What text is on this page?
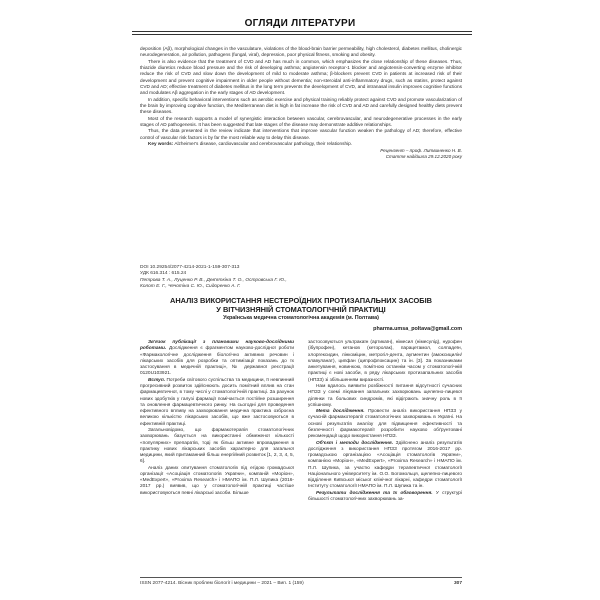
ОГЛЯДИ ЛІТЕРАТУРИ

deposition (Aβ), morphological changes in the vasculature, violations of the blood-brain barrier permeability, high cholesterol, diabetes mellitus, cholinergic neurodegeneration, air pollution, pathogens (fungal, viral), depression, poor physical fitness, smoking and obesity.

There is also evidence that the treatment of CVD and AD has much in common, which emphasizes the close relationship of these diseases. Thus, thiazide diuretics reduce blood pressure and the risk of developing asthma; angiotensin receptor-1 blocker and angiotensin-converting enzyme inhibitor reduce the risk of CVD and slow down the development of mild to moderate asthma; β-blockers prevent CVD in patients at increased risk of their development and prevent cognitive impairment in older people without dementia; non-steroidal anti-inflammatory drugs, such as statins, protect against CVD and AD; effective treatment of diabetes mellitus in the long term prevents the development of CVD, and intranasal insulin improves cognitive functions and modulates Aβ aggregation in the early stages of AD development.

In addition, specific behavioral interventions such as aerobic exercise and physical training reliably protect against CVD and promote vascularization of the brain by improving cognitive function, the Mediterranean diet is high in fat increase the risk of CVD and AD and carefully designed healthy diets prevent these diseases.

Most of the research supports a model of synergistic interaction between vascular, cerebrovascular, and neurodegenerative processes in the early stages of AD pathogenesis. It has been suggested that late stages of the disease may demonstrate additive relationships.

Thus, the data presented in the review indicate that interventions that improve vascular function weaken the pathology of AD; therefore, effective control of vascular risk factors is by far the most reliable way to delay this disease.

Key words: Alzheimer's disease, cardiovascular and cerebrovascular pathology, their relationship.

Рецензент – проф. Литвиненко Н. В.

Стаття надійшла 29.12.2020 року

DOI 10.29254/2077-4214-2021-1-159-307-313
УДК 616.314 : 615.24
Петрова Т. А., Луценко Р. В., Дев'яткіна Т. О., Островська Г. Ю.,
Колот Е. Г., Чечотіна С. Ю., Сидоренко А. Г.
АНАЛІЗ ВИКОРИСТАННЯ НЕСТЕРОЇДНИХ ПРОТИЗАПАЛЬНИХ ЗАСОБІВ
У ВІТЧИЗНЯНІЙ СТОМАТОЛОГІЧНІЙ ПРАКТИЦІ
Українська медична стоматологічна академія (м. Полтава)
pharma.umsa_poltava@gmail.com

Зв'язок публікації з плановими науково-дослідними роботами. Дослідження є фрагментом науково-дослідної роботи «Фармакологічне дослідження біологічно активних речовин і лікарських засобів для розробки та оптимізації показань до їх застосування в медичній практиці», № державної реєстрації 0120U103921.

Вступ. Потреби світового суспільства та медицини, її невпинний прогресивний розвиток здійснюють досить помітний вплив на стан фармацевтичної, в тому числі у стоматологічній практиці. За рахунок нових здобутків у галузі фармації помічається постійне розширення та оновлення фармацевтичного ринку. На сьогодні для проведення ефективного впливу на захворювання медична практика озброєна великою кількістю лікарських засобів, що вже застосовуються в ефективній практиці.

Загальновідомо, що фармакотерапія стоматологічних захворювань базується на використанні обмеженої кількості «популярних» препаратів, тоді як більш активне впровадження в практику нових лікарських засобів характерно для загальної медицини, який притаманний більш енергійний розвиток [1, 2, 3, 4, 5, 6].

Аналіз даних опитування стоматологів під егідою громадської організації «Асоціація стоматологів України», компаній «Моріон», «MedExpert», «Proxima Research» і НМАПО ім. П.Л. Шупика (2016-2017 рр.) виявив, що у стоматологічній практиці частіше використовуються певні лікарські засоби. Більше

застосовуються ультракаїн (артикаїн), німесил (німесулід), нурофен (ібупрофен), кетанов (кеторолак), парацетамол, солпадеїн, хлоргексидин, лінкоміцин, метрогіл-дента, аугментин (амоксицилін/клавуланат), ципфан (ципрофлоксацин) та ін. [3]. За показниками анкетування, новинкою, помітною останнім часом у стоматологічній практиці є нові засоби, в ряду лікарських протизапальних засобів (НПЗЗ) зі збільшенням виразності.

Нам вдалось виявити розбіжності питання відсутності сучасних НПЗЗ у схемі лікування запальних захворювань щелепно-лицевої ділянки та больових синдромів, які відіграють значну роль в її успішному.

Мета дослідження. Провести аналіз використання НПЗЗ у сучасній фармакотерапії стоматологічних захворювань в Україні. На основі результатів аналізу для підвищення ефективності та безпечності фармакотерапії розробити науково обґрунтовані рекомендації щодо використання НПЗЗ.

Об'єкт і методи дослідження. Здійснено аналіз результатів дослідження з використання НПЗЗ протягом 2016-2017 рр. громадською організацією «Асоціація стоматологів України», компанією «Моріон», «MedExpert», «Proxima Research» і НМАПО ім. П.Л. Шупика, за участю кафедри терапевтичної стоматології Національного університету ім. О.О. Богомольця, щелепно-лицевого відділення Київської міської клінічної лікарні, кафедри стоматології Інституту стоматології НМАПО ім. П.Л. Шупика та ін.

Результати дослідження та їх обговорення. У структурі більшості стоматологічних захворювань за-

ISSN 2077-4214. Вісник проблем біології і медицини – 2021 – Вип. 1 (159)	307
